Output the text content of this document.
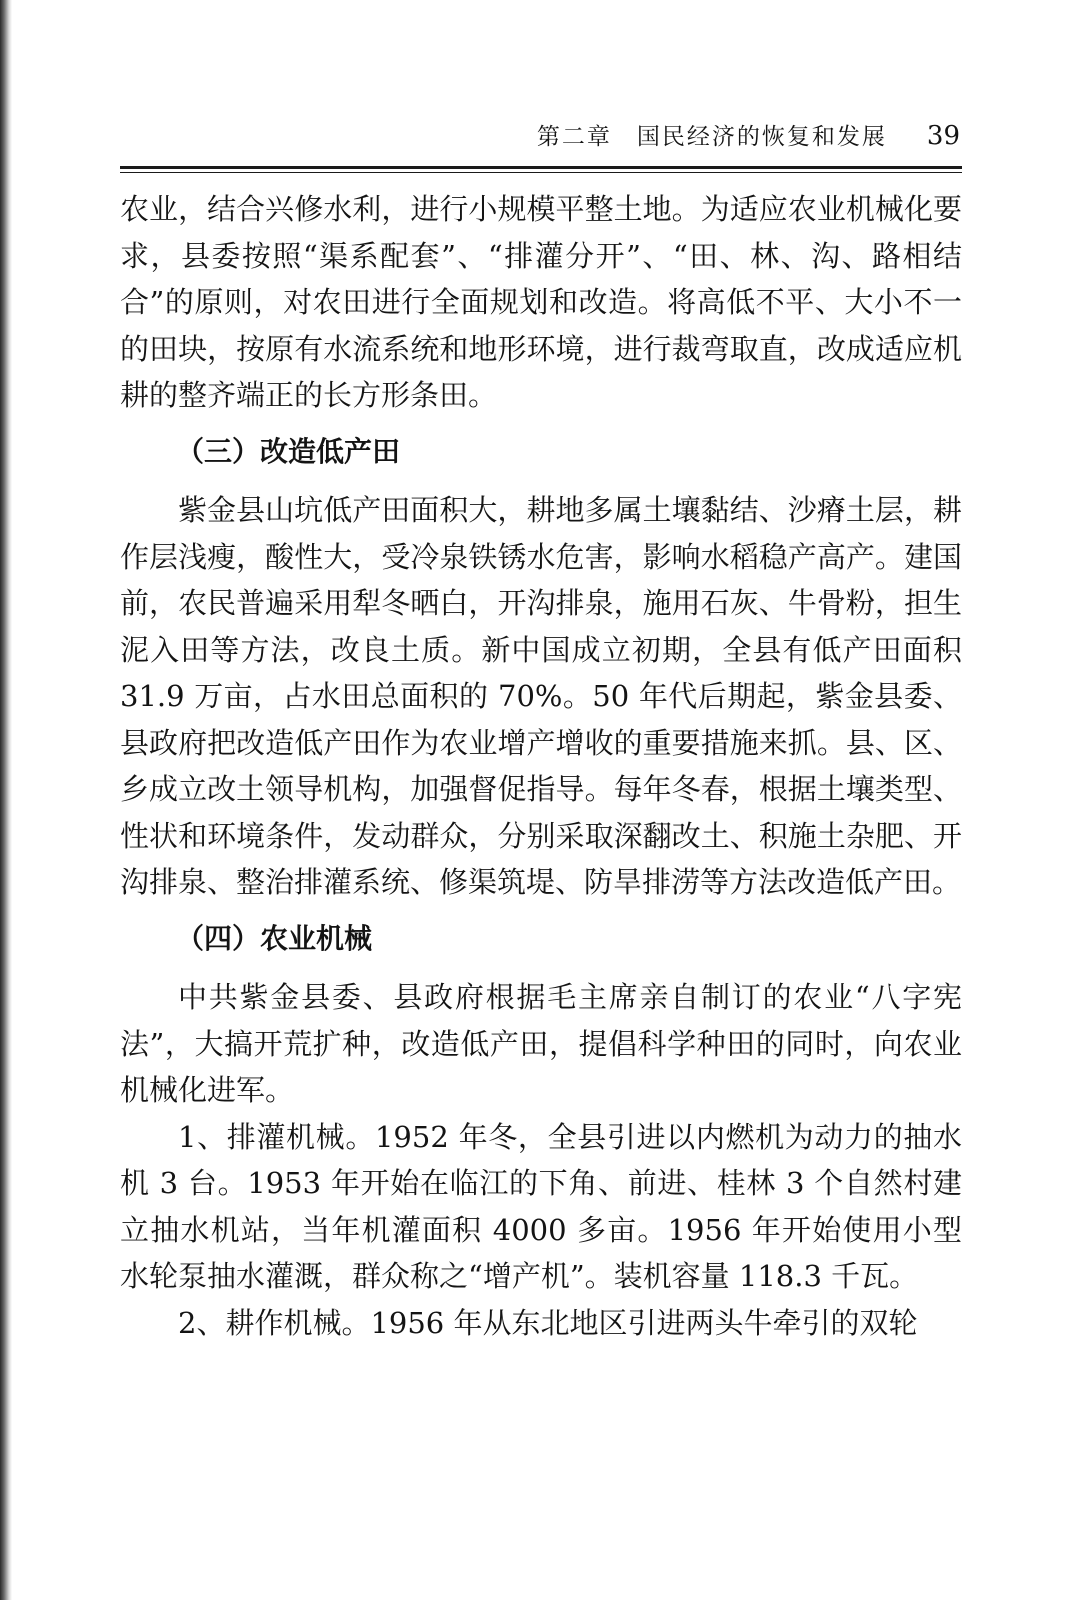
第二章　国民经济的恢复和发展 39

农业，结合兴修水利，进行小规模平整土地。为适应农业机械化要求，县委按照“渠系配套”、“排灌分开”、“田、林、沟、路相结合”的原则，对农田进行全面规划和改造。将高低不平、大小不一的田块，按原有水流系统和地形环境，进行裁弯取直，改成适应机耕的整齐端正的长方形条田。

（三）改造低产田

紫金县山坑低产田面积大，耕地多属土壤黏结、沙瘠土层，耕作层浅瘦，酸性大，受冷泉铁锈水危害，影响水稻稳产高产。建国前，农民普遍采用犁冬晒白，开沟排泉，施用石灰、牛骨粉，担生泥入田等方法，改良土质。新中国成立初期，全县有低产田面积 31.9 万亩，占水田总面积的 70%。50 年代后期起，紫金县委、县政府把改造低产田作为农业增产增收的重要措施来抓。县、区、乡成立改土领导机构，加强督促指导。每年冬春，根据土壤类型、性状和环境条件，发动群众，分别采取深翻改土、积施土杂肥、开沟排泉、整治排灌系统、修渠筑堤、防旱排涝等方法改造低产田。

（四）农业机械

中共紫金县委、县政府根据毛主席亲自制订的农业“八字宪法”，大搞开荒扩种，改造低产田，提倡科学种田的同时，向农业机械化进军。

1、排灌机械。1952 年冬，全县引进以内燃机为动力的抽水机 3 台。1953 年开始在临江的下角、前进、桂林 3 个自然村建立抽水机站，当年机灌面积 4000 多亩。1956 年开始使用小型水轮泵抽水灌溉，群众称之“增产机”。装机容量 118.3 千瓦。

2、耕作机械。1956 年从东北地区引进两头牛牵引的双轮
